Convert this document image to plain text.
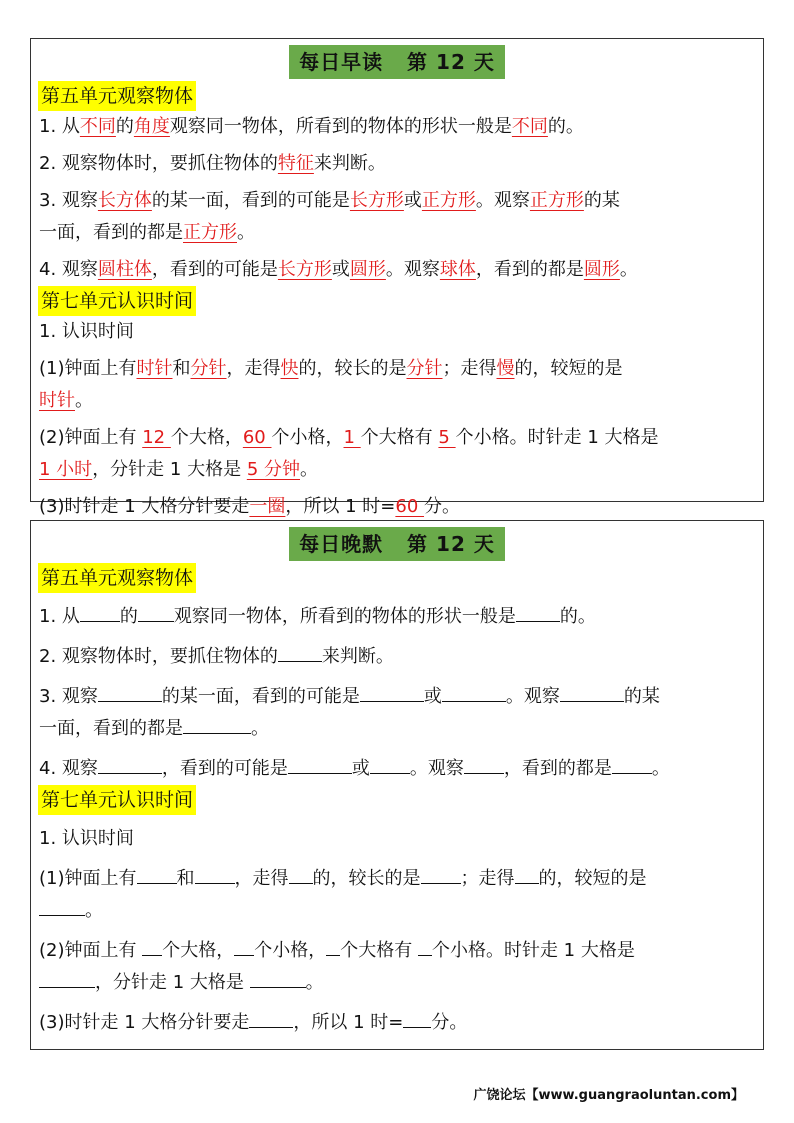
每日早读   第 12 天
第五单元观察物体
1. 从不同的角度观察同一物体，所看到的物体的形状一般是不同的。
2. 观察物体时，要抓住物体的特征来判断。
3. 观察长方体的某一面，看到的可能是长方形或正方形。观察正方形的某
一面，看到的都是正方形。
4. 观察圆柱体，看到的可能是长方形或圆形。观察球体，看到的都是圆形。
第七单元认识时间
1. 认识时间
(1)钟面上有时针和分针，走得快的，较长的是分针；走得慢的，较短的是
时针。
(2)钟面上有 12 个大格，60 个小格，1 个大格有 5 个小格。时针走 1 大格是
1 小时，分针走 1 大格是 5 分钟。
(3)时针走 1 大格分针要走一圈，所以 1 时=60 分。
每日晚默   第 12 天
第五单元观察物体
1. 从 的 观察同一物体，所看到的物体的形状一般是 的。
2. 观察物体时，要抓住物体的 来判断。
3. 观察	的某一面，看到的可能是	或	。观察	的某
一面，看到的都是	。
4. 观察	，看到的可能是	或 。观察 ，看到的都是 。
第七单元认识时间
1. 认识时间
(1)钟面上有 和 ，走得 的，较长的是 ；走得 的，较短的是
。
(2)钟面上有 个大格， 个小格， 个大格有 个小格。时针走 1 大格是
，分针走 1 大格是	。
(3)时针走 1 大格分针要走 ，所以 1 时= 分。
广饶论坛【www.guangraoluntan.com】
